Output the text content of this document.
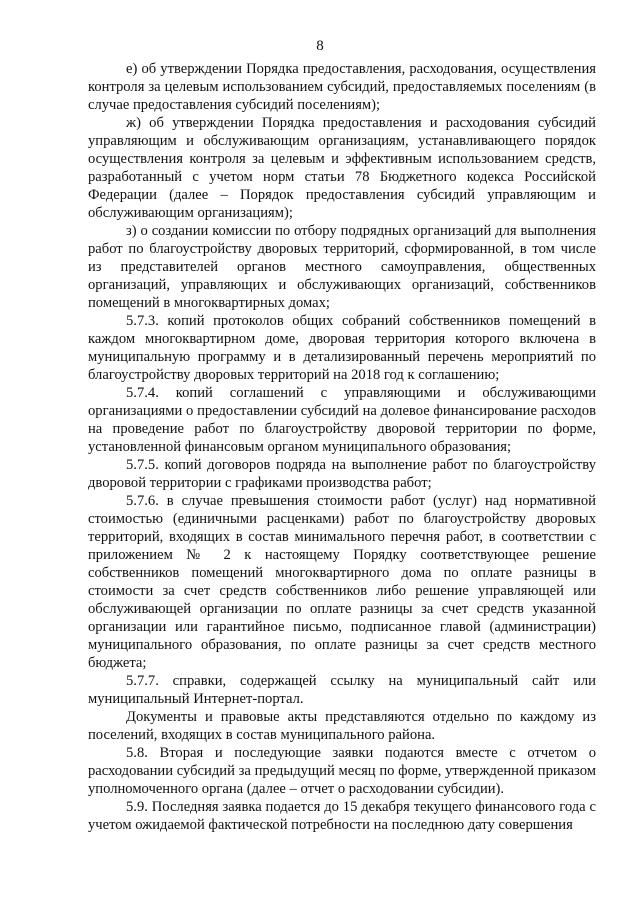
8

е) об утверждении Порядка предоставления, расходования, осуществления контроля за целевым использованием субсидий, предоставляемых поселениям (в случае предоставления субсидий поселениям);

ж) об утверждении Порядка предоставления и расходования субсидий управляющим и обслуживающим организациям, устанавливающего порядок осуществления контроля за целевым и эффективным использованием средств, разработанный с учетом норм статьи 78 Бюджетного кодекса Российской Федерации (далее – Порядок предоставления субсидий управляющим и обслуживающим организациям);

з) о создании комиссии по отбору подрядных организаций для выполнения работ по благоустройству дворовых территорий, сформированной, в том числе из представителей органов местного самоуправления, общественных организаций, управляющих и обслуживающих организаций, собственников помещений в многоквартирных домах;

5.7.3. копий протоколов общих собраний собственников помещений в каждом многоквартирном доме, дворовая территория которого включена в муниципальную программу и в детализированный перечень мероприятий по благоустройству дворовых территорий на 2018 год к соглашению;

5.7.4. копий соглашений с управляющими и обслуживающими организациями о предоставлении субсидий на долевое финансирование расходов на проведение работ по благоустройству дворовой территории по форме, установленной финансовым органом муниципального образования;

5.7.5. копий договоров подряда на выполнение работ по благоустройству дворовой территории с графиками производства работ;

5.7.6. в случае превышения стоимости работ (услуг) над нормативной стоимостью (единичными расценками) работ по благоустройству дворовых территорий, входящих в состав минимального перечня работ, в соответствии с приложением № 2 к настоящему Порядку соответствующее решение собственников помещений многоквартирного дома по оплате разницы в стоимости за счет средств собственников либо решение управляющей или обслуживающей организации по оплате разницы за счет средств указанной организации или гарантийное письмо, подписанное главой (администрации) муниципального образования, по оплате разницы за счет средств местного бюджета;

5.7.7. справки, содержащей ссылку на муниципальный сайт или муниципальный Интернет-портал.

Документы и правовые акты представляются отдельно по каждому из поселений, входящих в состав муниципального района.

5.8. Вторая и последующие заявки подаются вместе с отчетом о расходовании субсидий за предыдущий месяц по форме, утвержденной приказом уполномоченного органа (далее – отчет о расходовании субсидии).

5.9. Последняя заявка подается до 15 декабря текущего финансового года с учетом ожидаемой фактической потребности на последнюю дату совершения
